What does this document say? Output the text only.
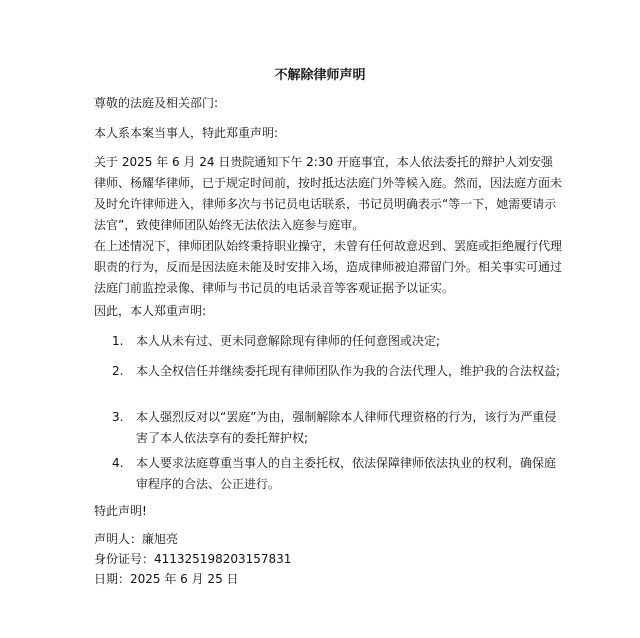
不解除律师声明

尊敬的法庭及相关部门:

本人系本案当事人，特此郑重声明:

关于 2025 年 6 月 24 日贵院通知下午 2:30 开庭事宜，本人依法委托的辩护人刘安强律师、杨耀华律师，已于规定时间前，按时抵达法庭门外等候入庭。然而，因法庭方面未及时允许律师进入，律师多次与书记员电话联系，书记员明确表示“等一下，她需要请示法官”，致使律师团队始终无法依法入庭参与庭审。

在上述情况下，律师团队始终秉持职业操守，未曾有任何故意迟到、罢庭或拒绝履行代理职责的行为，反而是因法庭未能及时安排入场，造成律师被迫滞留门外。相关事实可通过法庭门前监控录像、律师与书记员的电话录音等客观证据予以证实。

因此，本人郑重声明:

1.	本人从未有过、更未同意解除现有律师的任何意图或决定;
2.	本人全权信任并继续委托现有律师团队作为我的合法代理人，维护我的合法权益;
3.	本人强烈反对以“罢庭”为由，强制解除本人律师代理资格的行为，该行为严重侵害了本人依法享有的委托辩护权;
4.	本人要求法庭尊重当事人的自主委托权，依法保障律师依法执业的权利，确保庭审程序的合法、公正进行。

特此声明!

声明人：廉旭亮
身份证号：411325198203157831
日期：2025 年 6 月 25 日
